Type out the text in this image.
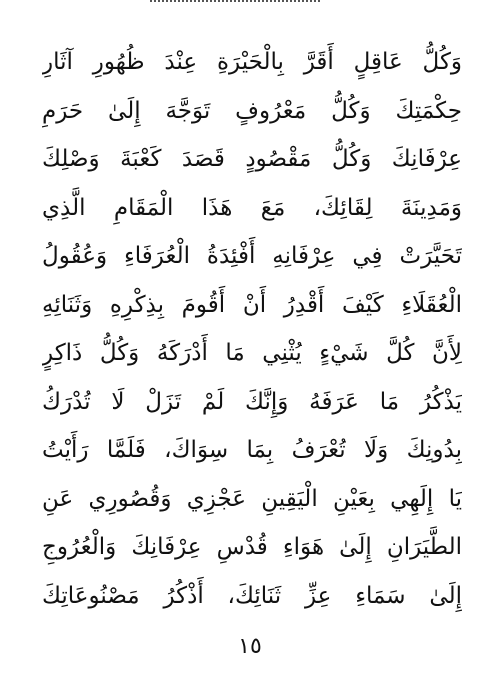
وَكُلُّ عَاقِلٍ أَقَرَّ بِالْحَيْرَةِ عِنْدَ ظُهُورِ آثَارِ
حِكْمَتِكَ وَكُلُّ مَعْرُوفٍ تَوَجَّهَ إِلَىٰ حَرَمِ
عِرْفَانِكَ وَكُلُّ مَقْصُودٍ قَصَدَ كَعْبَةَ وَصْلِكَ
وَمَدِينَةَ لِقَائِكَ، مَعَ هَذَا الْمَقَامِ الَّذِي
تَحَيَّرَتْ فِي عِرْفَانِهِ أَفْئِدَةُ الْعُرَفَاءِ وَعُقُولُ
الْعُقَلَاءِ كَيْفَ أَقْدِرُ أَنْ أَقُومَ بِذِكْرِهِ وَثَنَائِهِ
لِأَنَّ كُلَّ شَيْءٍ يُثْنِي مَا أَدْرَكَهُ وَكُلُّ ذَاكِرٍ
يَذْكُرُ مَا عَرَفَهُ وَإِنَّكَ لَمْ تَزَلْ لَا تُدْرَكُ
بِدُونِكَ وَلَا تُعْرَفُ بِمَا سِوَاكَ، فَلَمَّا رَأَيْتُ
يَا إِلَهِي بِعَيْنِ الْيَقِينِ عَجْزِي وَقُصُورِي عَنِ
الطَّيَرَانِ إِلَىٰ هَوَاءِ قُدْسِ عِرْفَانِكَ وَالْعُرُوجِ
إِلَىٰ سَمَاءِ عِزِّ ثَنَائِكَ، أَذْكُرُ مَصْنُوعَاتِكَ
١٥
